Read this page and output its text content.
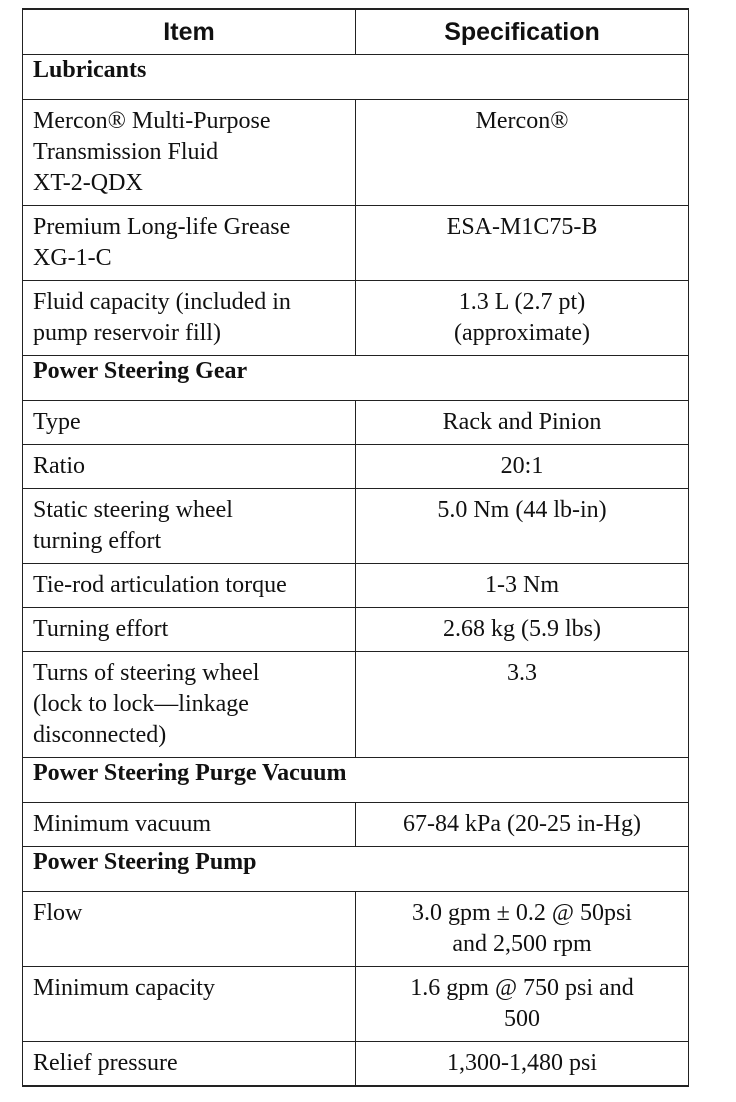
Item	Specification
Lubricants	
Mercon® Multi-Purpose
Transmission Fluid
XT-2-QDX	Mercon®
Premium Long-life Grease
XG-1-C	ESA-M1C75-B
Fluid capacity (included in
pump reservoir fill)	1.3 L (2.7 pt)
(approximate)
Power Steering Gear	
Type	Rack and Pinion
Ratio	20:1
Static steering wheel
turning effort	5.0 Nm (44 lb-in)
Tie-rod articulation torque	1-3 Nm
Turning effort	2.68 kg (5.9 lbs)
Turns of steering wheel
(lock to lock—linkage
disconnected)	3.3
Power Steering Purge Vacuum	
Minimum vacuum	67-84 kPa (20-25 in-Hg)
Power Steering Pump	
Flow	3.0 gpm ± 0.2 @ 50psi
and 2,500 rpm
Minimum capacity	1.6 gpm @ 750 psi and
500
Relief pressure	1,300-1,480 psi
